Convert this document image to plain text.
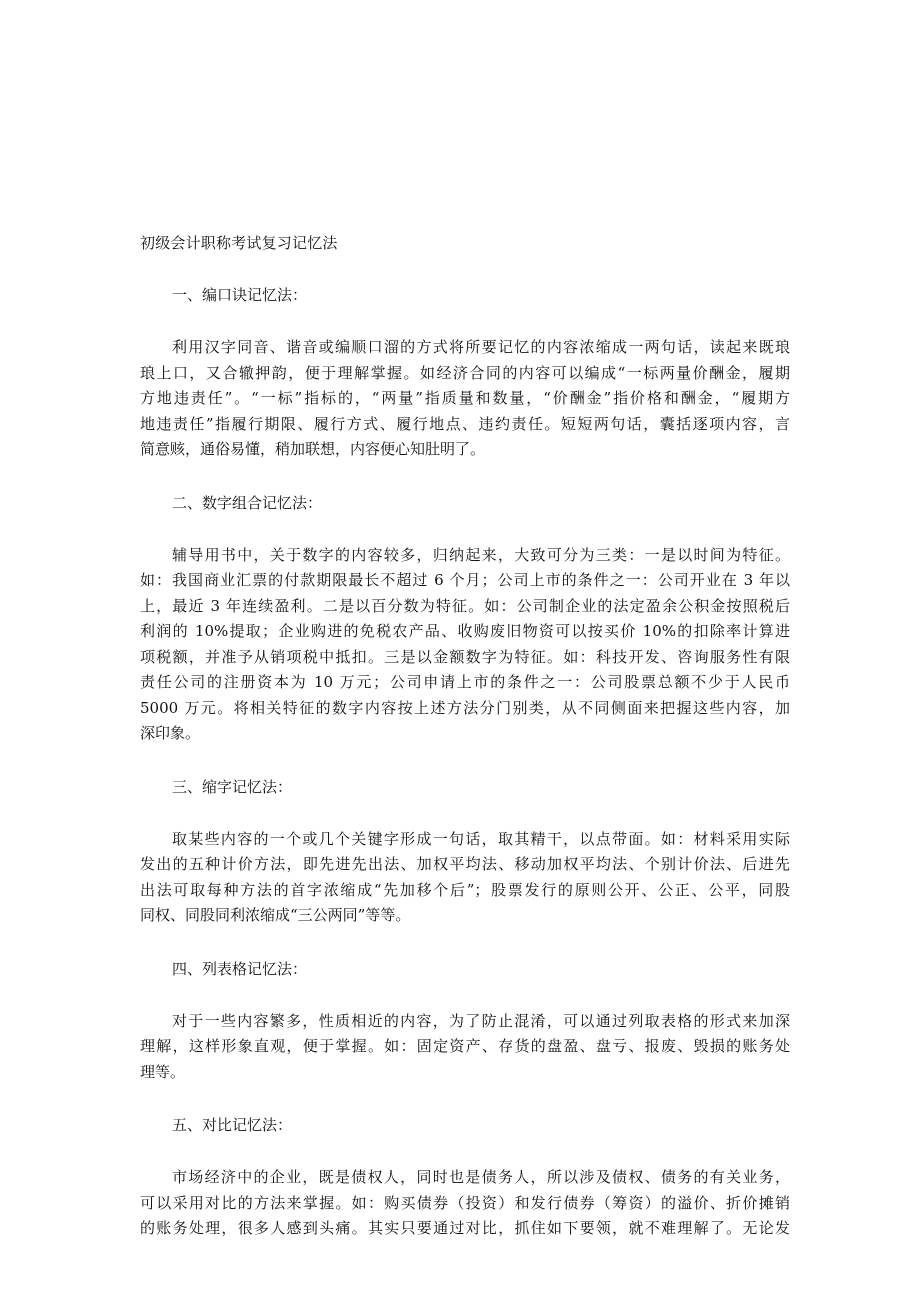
初级会计职称考试复习记忆法
一、编口诀记忆法：

利用汉字同音、谐音或编顺口溜的方式将所要记忆的内容浓缩成一两句话，读起来既琅
琅上口，又合辙押韵，便于理解掌握。如经济合同的内容可以编成“一标两量价酬金，履期
方地违责任”。“一标”指标的，“两量”指质量和数量，“价酬金”指价格和酬金，“履期方
地违责任”指履行期限、履行方式、履行地点、违约责任。短短两句话，囊括逐项内容，言
简意赅，通俗易懂，稍加联想，内容便心知肚明了。

二、数字组合记忆法：

辅导用书中，关于数字的内容较多，归纳起来，大致可分为三类：一是以时间为特征。
如：我国商业汇票的付款期限最长不超过 6 个月；公司上市的条件之一：公司开业在 3 年以
上，最近 3 年连续盈利。二是以百分数为特征。如：公司制企业的法定盈余公积金按照税后
利润的 10%提取；企业购进的免税农产品、收购废旧物资可以按买价 10%的扣除率计算进
项税额，并准予从销项税中抵扣。三是以金额数字为特征。如：科技开发、咨询服务性有限
责任公司的注册资本为 10 万元；公司申请上市的条件之一：公司股票总额不少于人民币
5000 万元。将相关特征的数字内容按上述方法分门别类，从不同侧面来把握这些内容，加
深印象。

三、缩字记忆法：

取某些内容的一个或几个关键字形成一句话，取其精干，以点带面。如：材料采用实际
发出的五种计价方法，即先进先出法、加权平均法、移动加权平均法、个别计价法、后进先
出法可取每种方法的首字浓缩成“先加移个后”；股票发行的原则公开、公正、公平，同股
同权、同股同利浓缩成“三公两同”等等。

四、列表格记忆法：

对于一些内容繁多，性质相近的内容，为了防止混淆，可以通过列取表格的形式来加深
理解，这样形象直观，便于掌握。如：固定资产、存货的盘盈、盘亏、报废、毁损的账务处
理等。

五、对比记忆法：

市场经济中的企业，既是债权人，同时也是债务人，所以涉及债权、债务的有关业务，
可以采用对比的方法来掌握。如：购买债券（投资）和发行债券（筹资）的溢价、折价摊销
的账务处理，很多人感到头痛。其实只要通过对比，抓住如下要领，就不难理解了。无论发
